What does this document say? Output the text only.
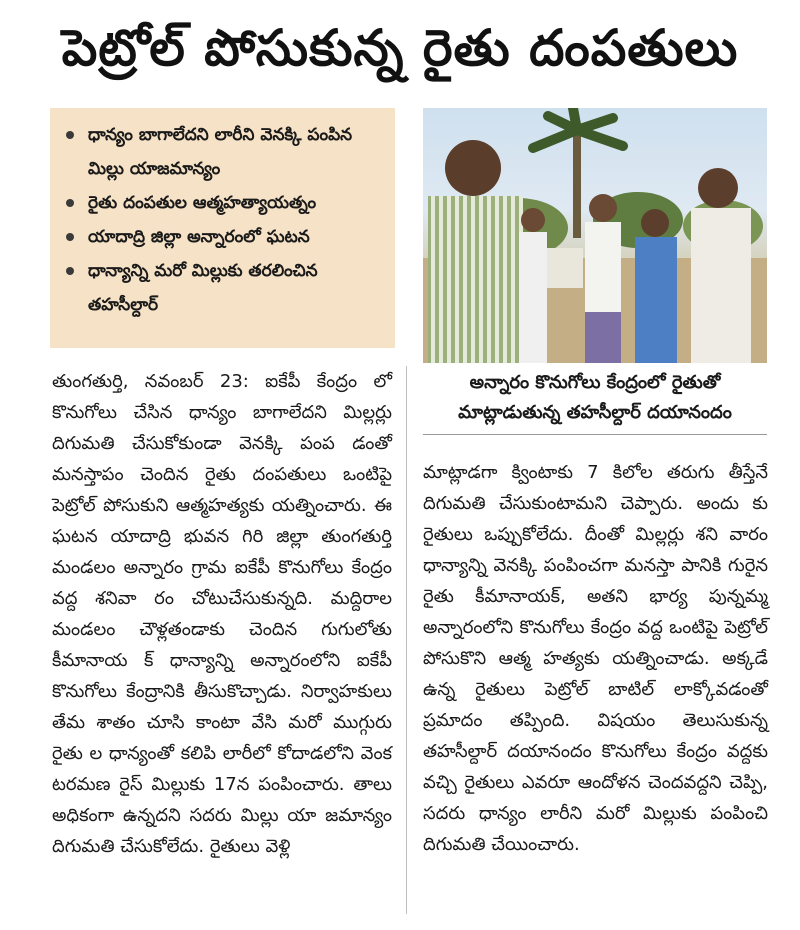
పెట్రోల్ పోసుకున్న రైతు దంపతులు
ధాన్యం బాగాలేదని లారీని వెనక్కి పంపిన మిల్లు యాజమాన్యం
రైతు దంపతుల ఆత్మహత్యాయత్నం
యాదాద్రి జిల్లా అన్నారంలో ఘటన
ధాన్యాన్ని మరో మిల్లుకు తరలించిన తహసీల్దార్
అన్నారం కొనుగోలు కేంద్రంలో రైతుతో మాట్లాడుతున్న తహసీల్దార్ దయానందం
తుంగతుర్తి, నవంబర్ 23: ఐకేపీ కేంద్రం లో కొనుగోలు చేసిన ధాన్యం బాగాలేదని మిల్లర్లు దిగుమతి చేసుకోకుండా వెనక్కి పంప డంతో మనస్తాపం చెందిన రైతు దంపతులు ఒంటిపై పెట్రోల్ పోసుకుని ఆత్మహత్యకు యత్నించారు. ఈ ఘటన యాదాద్రి భువన గిరి జిల్లా తుంగతుర్తి మండలం అన్నారం గ్రామ ఐకేపీ కొనుగోలు కేంద్రం వద్ద శనివా రం చోటుచేసుకున్నది. మద్దిరాల మండలం చౌళ్లతండాకు చెందిన గుగులోతు కీమానాయ క్ ధాన్యాన్ని అన్నారంలోని ఐకేపీ కొనుగోలు కేంద్రానికి తీసుకొచ్చాడు. నిర్వాహకులు తేమ శాతం చూసి కాంటా వేసి మరో ముగ్గురు రైతు ల ధాన్యంతో కలిపి లారీలో కోదాడలోని వెంక టరమణ రైస్ మిల్లుకు 17న పంపించారు. తాలు అధికంగా ఉన్నదని సదరు మిల్లు యా జమాన్యం దిగుమతి చేసుకోలేదు. రైతులు వెళ్లి
మాట్లాడగా క్వింటాకు 7 కిలోల తరుగు తీస్తేనే దిగుమతి చేసుకుంటామని చెప్పారు. అందు కు రైతులు ఒప్పుకోలేదు. దీంతో మిల్లర్లు శని వారం ధాన్యాన్ని వెనక్కి పంపించగా మనస్తా పానికి గురైన రైతు కీమానాయక్, అతని భార్య పున్నమ్మ అన్నారంలోని కొనుగోలు కేంద్రం వద్ద ఒంటిపై పెట్రోల్ పోసుకొని ఆత్మ హత్యకు యత్నించాడు. అక్కడే ఉన్న రైతులు పెట్రోల్ బాటిల్ లాక్కోవడంతో ప్రమాదం తప్పింది. విషయం తెలుసుకున్న తహసీల్దార్ దయానందం కొనుగోలు కేంద్రం వద్దకు వచ్చి రైతులు ఎవరూ ఆందోళన చెందవద్దని చెప్పి, సదరు ధాన్యం లారీని మరో మిల్లుకు పంపించి దిగుమతి చేయించారు.
